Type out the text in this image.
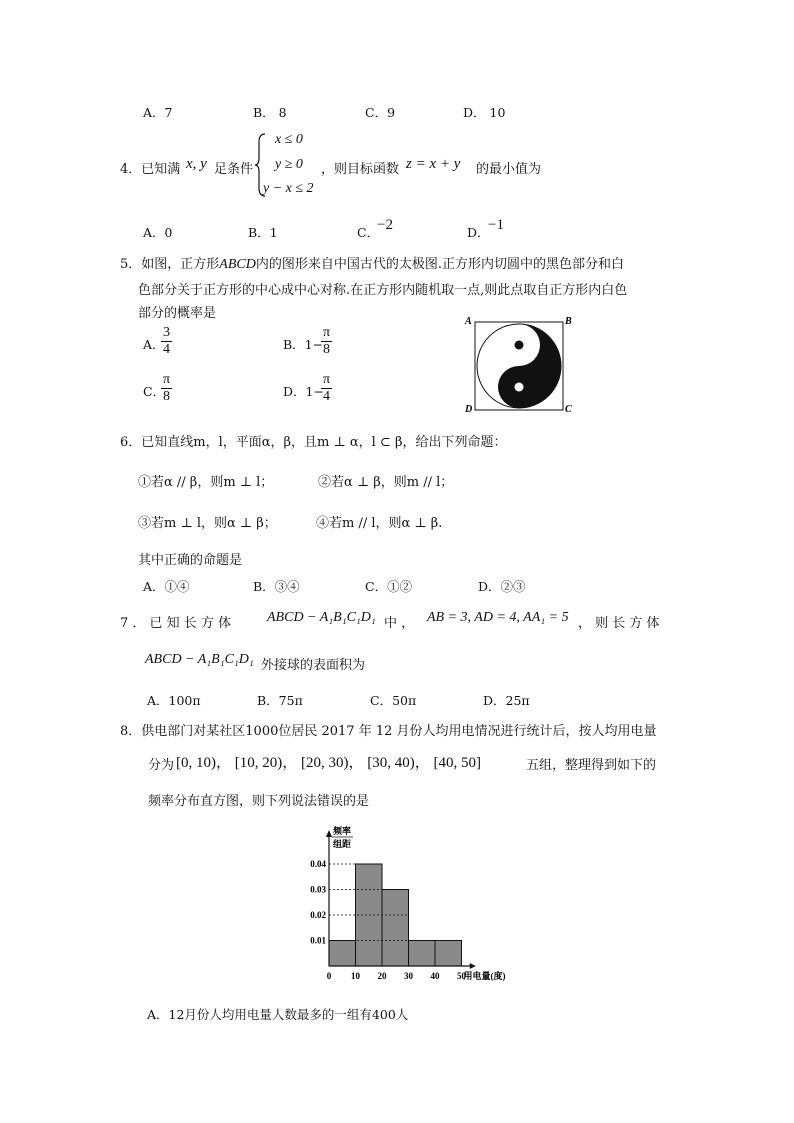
A．7	B． 8	C．9	D． 10
4．已知满 x, y 足条件
x ≤ 0
y ≥ 0
y − x ≤ 2
，则目标函数 z = x + y 的最小值为
A．0	B．1	C．
−2	D．
−1
5．如图，正方形ABCD内的图形来自中国古代的太极图.正方形内切圆中的黑色部分和白
色部分关于正方形的中心成中心对称.在正方形内随机取一点,则此点取自正方形内白色
部分的概率是
A．
$\frac{3}{4}$	B．1−
$\frac{\pi}{8}$
C．
$\frac{\pi}{8}$	D．1−
$\frac{\pi}{4}$
A	B
C
D
6．已知直线m，l，平面α，β，且m ⊥ α，l ⊂ β，给出下列命题：
①若α // β，则m ⊥ l；	②若α ⊥ β，则m // l；
③若m ⊥ l，则α ⊥ β；	④若m // l，则α ⊥ β.
其中正确的命题是
A．①④	B．③④	C．①②	D．②③
7 ． 已 知 长 方 体	ABCD − A₁B₁C₁D₁ 中 ， AB = 3, AD = 4, AA₁ = 5 ， 则 长 方 体
ABCD − A₁B₁C₁D₁ 外接球的表面积为
A．100π	B．75π	C．50π	D．25π
8．供电部门对某社区1000位居民 2017 年 12 月份人均用电情况进行统计后，按人均用电量
分为 [0, 10)， [10, 20)， [20, 30)， [30, 40)， [40, 50]	五组，整理得到如下的
频率分布直方图，则下列说法错误的是
0 10 20 30 40 50
0.01
0.02
0.03
0.04
用电量(度)
频率
组距
A．12月份人均用电量人数最多的一组有400人
